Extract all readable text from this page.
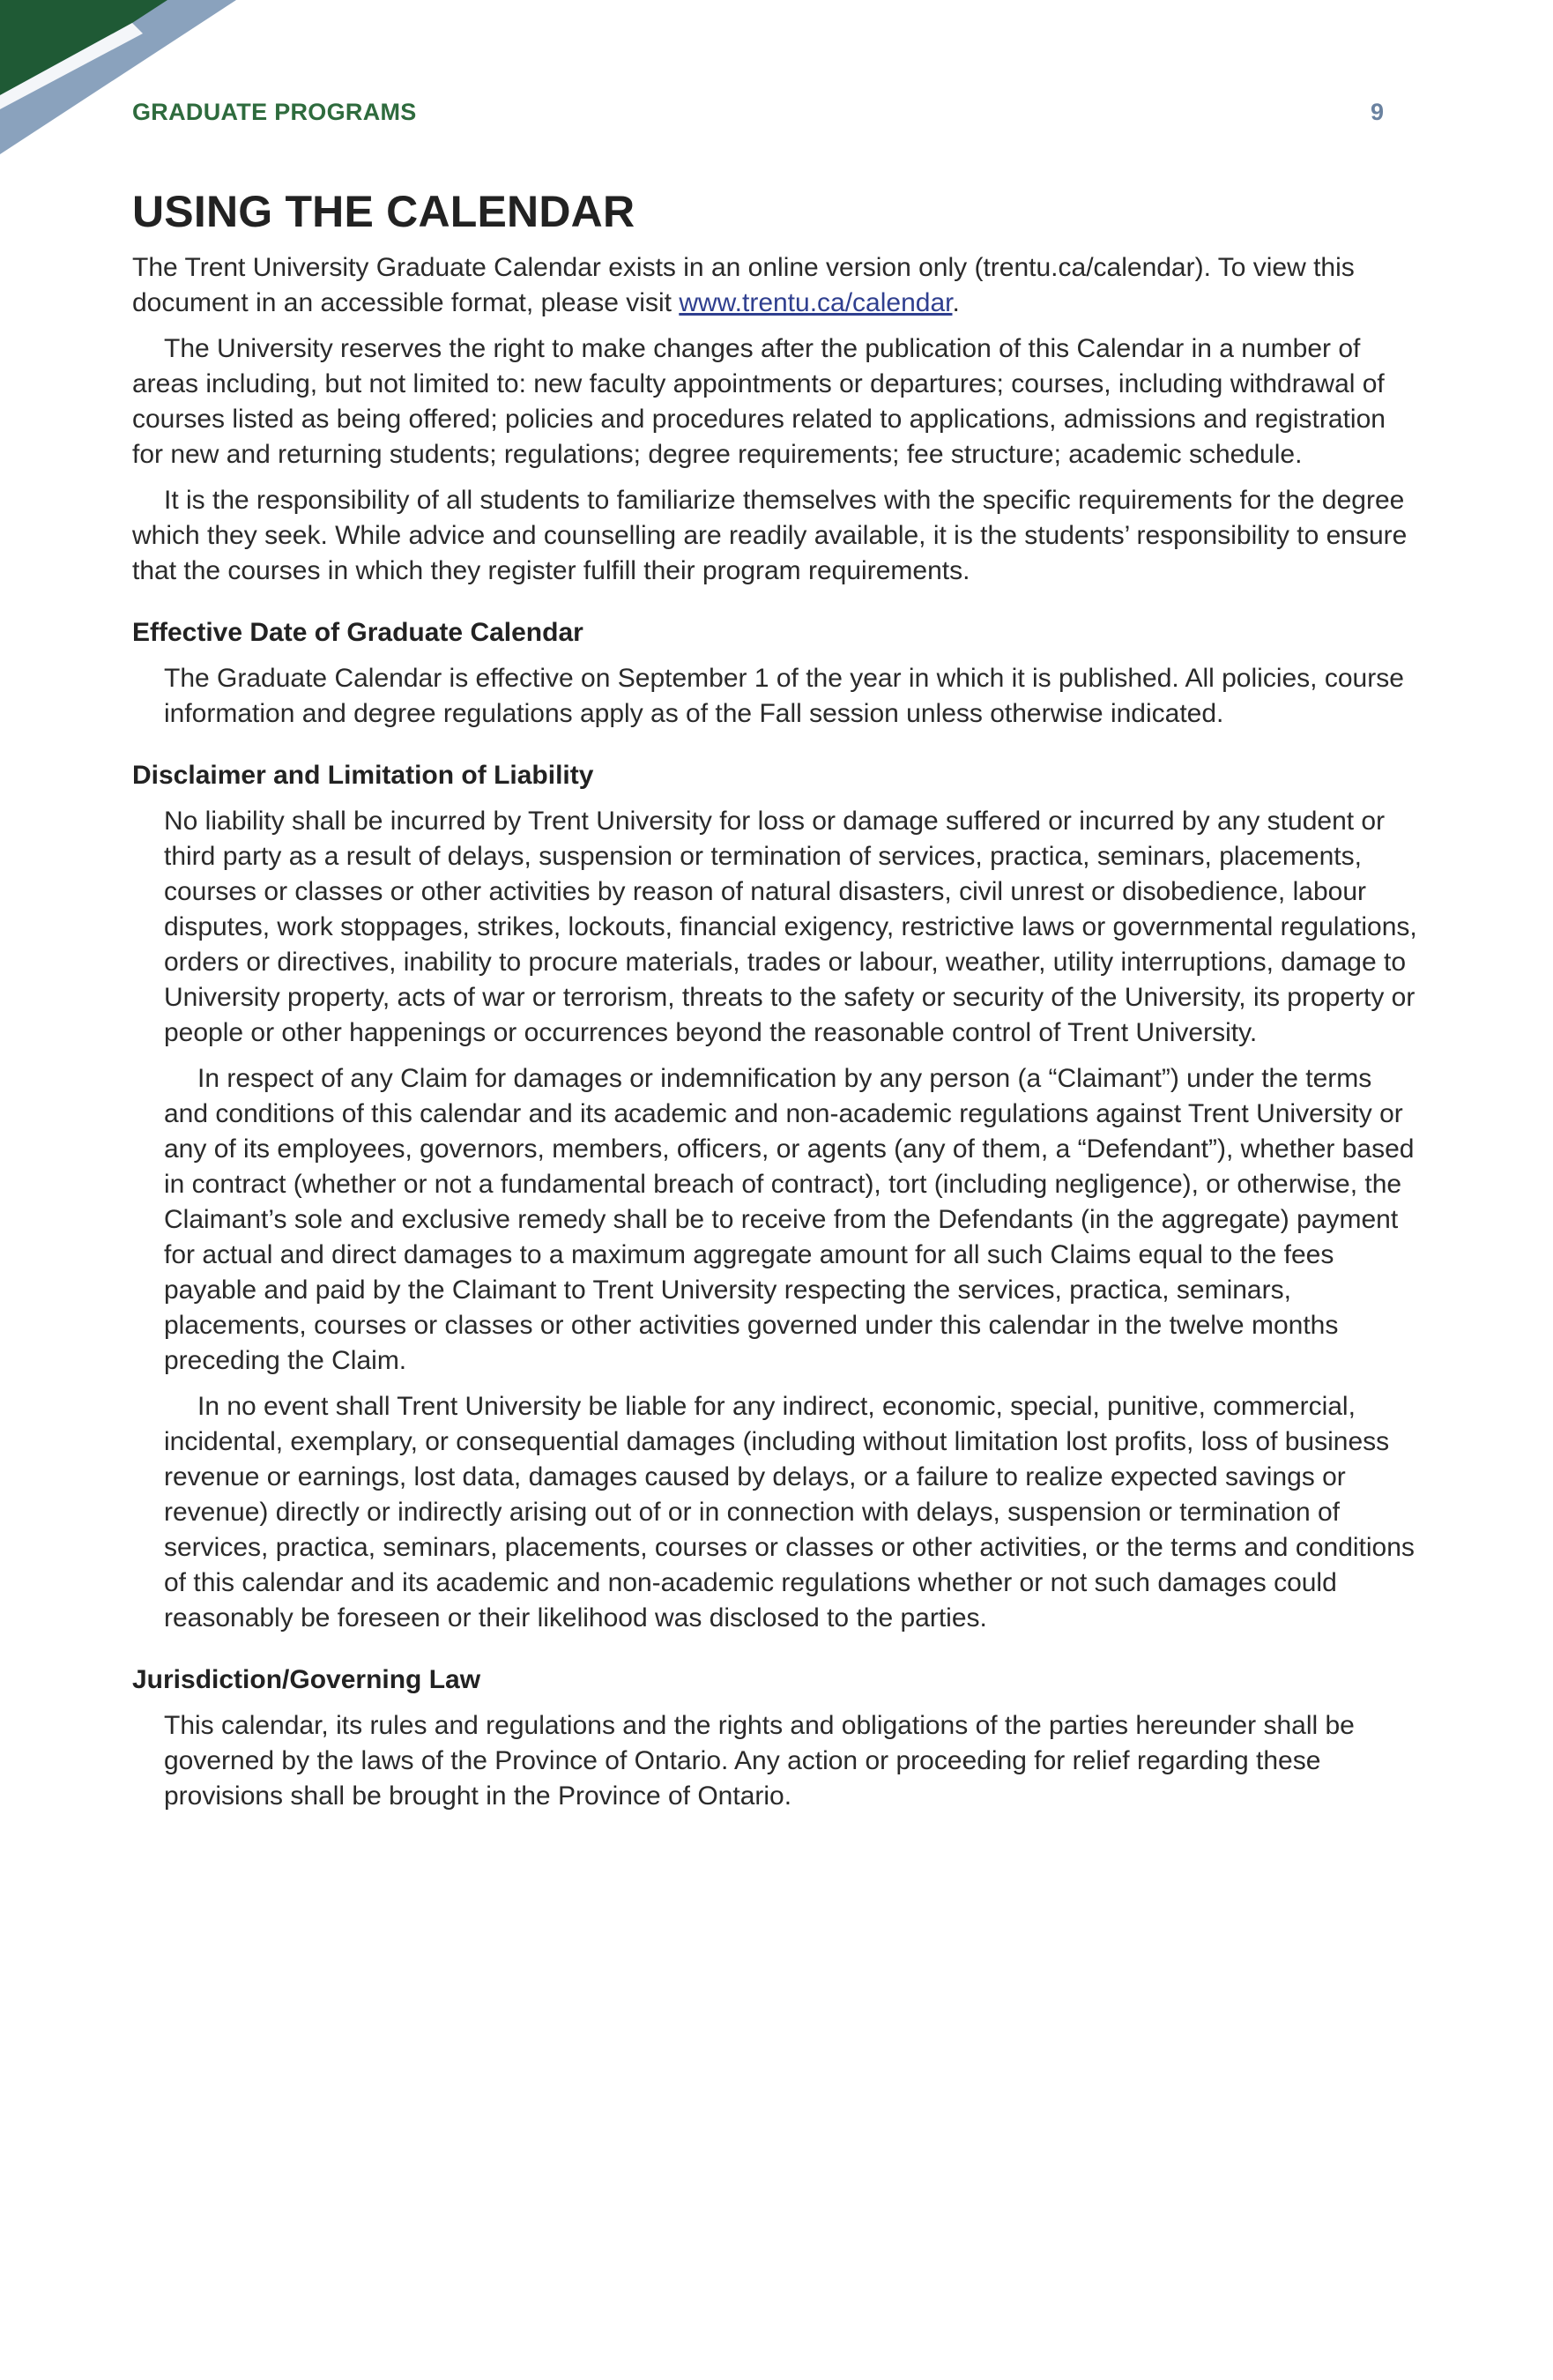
GRADUATE PROGRAMS	9
USING THE CALENDAR

The Trent University Graduate Calendar exists in an online version only (trentu.ca/calendar). To view this document in an accessible format, please visit www.trentu.ca/calendar.

The University reserves the right to make changes after the publication of this Calendar in a number of areas including, but not limited to: new faculty appointments or departures; courses, including withdrawal of courses listed as being offered; policies and procedures related to applications, admissions and registration for new and returning students; regulations; degree requirements; fee structure; academic schedule.

It is the responsibility of all students to familiarize themselves with the specific requirements for the degree which they seek. While advice and counselling are readily available, it is the students’ responsibility to ensure that the courses in which they register fulfill their program requirements.

Effective Date of Graduate Calendar

The Graduate Calendar is effective on September 1 of the year in which it is published. All policies, course information and degree regulations apply as of the Fall session unless otherwise indicated.

Disclaimer and Limitation of Liability

No liability shall be incurred by Trent University for loss or damage suffered or incurred by any student or third party as a result of delays, suspension or termination of services, practica, seminars, placements, courses or classes or other activities by reason of natural disasters, civil unrest or disobedience, labour disputes, work stoppages, strikes, lockouts, financial exigency, restrictive laws or governmental regulations, orders or directives, inability to procure materials, trades or labour, weather, utility interruptions, damage to University property, acts of war or terrorism, threats to the safety or security of the University, its property or people or other happenings or occurrences beyond the reasonable control of Trent University.

In respect of any Claim for damages or indemnification by any person (a “Claimant”) under the terms and conditions of this calendar and its academic and non-academic regulations against Trent University or any of its employees, governors, members, officers, or agents (any of them, a “Defendant”), whether based in contract (whether or not a fundamental breach of contract), tort (including negligence), or otherwise, the Claimant’s sole and exclusive remedy shall be to receive from the Defendants (in the aggregate) payment for actual and direct damages to a maximum aggregate amount for all such Claims equal to the fees payable and paid by the Claimant to Trent University respecting the services, practica, seminars, placements, courses or classes or other activities governed under this calendar in the twelve months preceding the Claim.

In no event shall Trent University be liable for any indirect, economic, special, punitive, commercial, incidental, exemplary, or consequential damages (including without limitation lost profits, loss of business revenue or earnings, lost data, damages caused by delays, or a failure to realize expected savings or revenue) directly or indirectly arising out of or in connection with delays, suspension or termination of services, practica, seminars, placements, courses or classes or other activities, or the terms and conditions of this calendar and its academic and non-academic regulations whether or not such damages could reasonably be foreseen or their likelihood was disclosed to the parties.

Jurisdiction/Governing Law

This calendar, its rules and regulations and the rights and obligations of the parties hereunder shall be governed by the laws of the Province of Ontario. Any action or proceeding for relief regarding these provisions shall be brought in the Province of Ontario.
